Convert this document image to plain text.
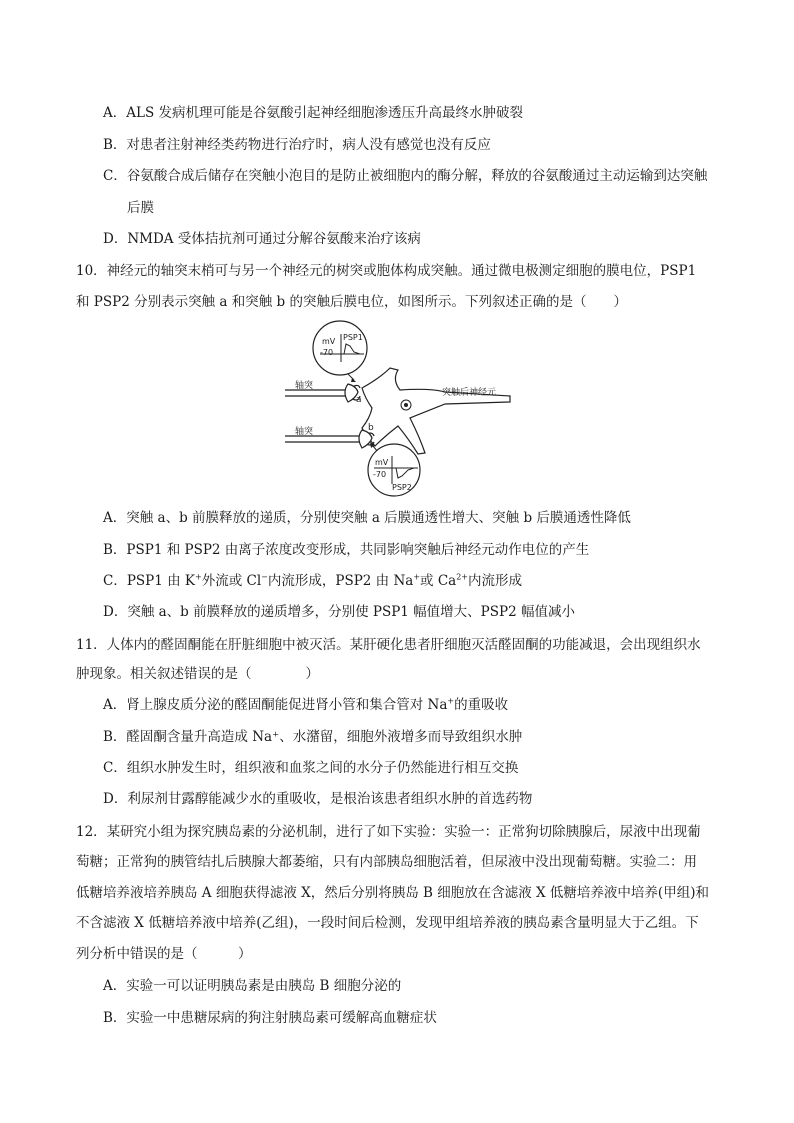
A．ALS 发病机理可能是谷氨酸引起神经细胞渗透压升高最终水肿破裂
B．对患者注射神经类药物进行治疗时，病人没有感觉也没有反应
C．谷氨酸合成后储存在突触小泡目的是防止被细胞内的酶分解，释放的谷氨酸通过主动运输到达突触
后膜
D．NMDA 受体拮抗剂可通过分解谷氨酸来治疗该病
10．神经元的轴突末梢可与另一个神经元的树突或胞体构成突触。通过微电极测定细胞的膜电位，PSP1
和 PSP2 分别表示突触 a 和突触 b 的突触后膜电位，如图所示。下列叙述正确的是（　　）
mV
-70
PSP1
轴突
a
突触后神经元
轴突	b
mV
-70
PSP2
A．突触 a、b 前膜释放的递质，分别使突触 a 后膜通透性增大、突触 b 后膜通透性降低
B．PSP1 和 PSP2 由离子浓度改变形成，共同影响突触后神经元动作电位的产生
C．PSP1 由 K+外流或 Cl−内流形成，PSP2 由 Na+或 $Ca^{2+}$内流形成
D．突触 a、b 前膜释放的递质增多，分别使 PSP1 幅值增大、PSP2 幅值减小
11．人体内的醛固酮能在肝脏细胞中被灭活。某肝硬化患者肝细胞灭活醛固酮的功能减退，会出现组织水
肿现象。相关叙述错误的是（　　　　）
A．肾上腺皮质分泌的醛固酮能促进肾小管和集合管对 Na+的重吸收
B．醛固酮含量升高造成 Na⁺、水潴留，细胞外液增多而导致组织水肿
C．组织水肿发生时，组织液和血浆之间的水分子仍然能进行相互交换
D．利尿剂甘露醇能减少水的重吸收，是根治该患者组织水肿的首选药物
12．某研究小组为探究胰岛素的分泌机制，进行了如下实验：实验一：正常狗切除胰腺后，尿液中出现葡
萄糖；正常狗的胰管结扎后胰腺大都萎缩，只有内部胰岛细胞活着，但尿液中没出现葡萄糖。实验二：用
低糖培养液培养胰岛 A 细胞获得滤液 X，然后分别将胰岛 B 细胞放在含滤液 X 低糖培养液中培养(甲组)和
不含滤液 X 低糖培养液中培养(乙组)，一段时间后检测，发现甲组培养液的胰岛素含量明显大于乙组。下
列分析中错误的是（　　　）
A．实验一可以证明胰岛素是由胰岛 B 细胞分泌的
B．实验一中患糖尿病的狗注射胰岛素可缓解高血糖症状
